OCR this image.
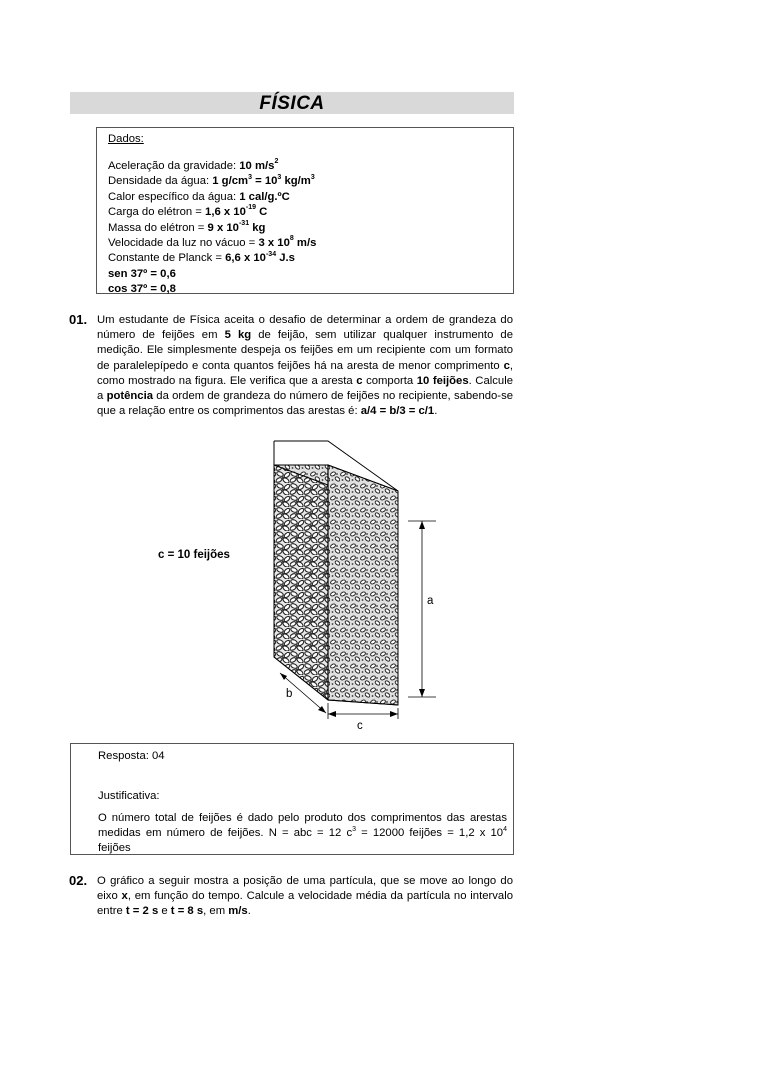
FÍSICA
Dados:
Aceleração da gravidade: 10 $m/s^2$
Densidade da água: 1 $g/cm^3 = 10^3$ $kg/m^3$
Calor específico da água: 1 cal/g.ºC
Carga do elétron = 1,6 x $10^{-19}$ C
Massa do elétron = 9 x $10^{-31}$ kg
Velocidade da luz no vácuo = 3 x $10^8$ m/s
Constante de Planck = 6,6 x $10^{-34}$ J.s
sen 37º = 0,6
cos 37º = 0,8
01. Um estudante de Física aceita o desafio de determinar a ordem de grandeza do número de feijões em 5 kg de feijão, sem utilizar qualquer instrumento de medição. Ele simplesmente despeja os feijões em um recipiente com um formato de paralelepípedo e conta quantos feijões há na aresta de menor comprimento c, como mostrado na figura. Ele verifica que a aresta c comporta 10 feijões. Calcule a potência da ordem de grandeza do número de feijões no recipiente, sabendo-se que a relação entre os comprimentos das arestas é: a/4 = b/3 = c/1.
c = 10 feijões
a
b
c
Resposta: 04
Justificativa:
O número total de feijões é dado pelo produto dos comprimentos das arestas medidas em número de feijões. N = abc = 12 $c^3 = 12000$ feijões = 1,2 x $10^4$ feijões
02. O gráfico a seguir mostra a posição de uma partícula, que se move ao longo do eixo x, em função do tempo. Calcule a velocidade média da partícula no intervalo entre t = 2 s e t = 8 s, em m/s.
